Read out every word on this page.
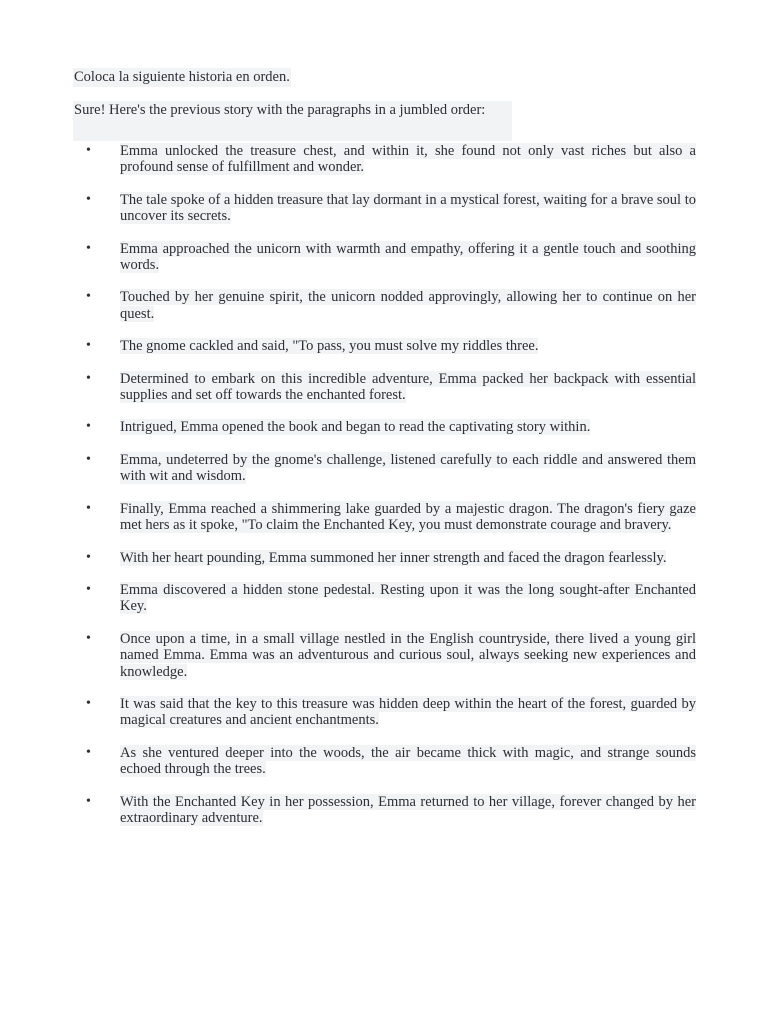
Coloca la siguiente historia en orden.
Sure! Here's the previous story with the paragraphs in a jumbled order:
• Emma unlocked the treasure chest, and within it, she found not only vast riches but also a profound sense of fulfillment and wonder.
• The tale spoke of a hidden treasure that lay dormant in a mystical forest, waiting for a brave soul to uncover its secrets.
• Emma approached the unicorn with warmth and empathy, offering it a gentle touch and soothing words.
• Touched by her genuine spirit, the unicorn nodded approvingly, allowing her to continue on her quest.
• The gnome cackled and said, "To pass, you must solve my riddles three.
• Determined to embark on this incredible adventure, Emma packed her backpack with essential supplies and set off towards the enchanted forest.
• Intrigued, Emma opened the book and began to read the captivating story within.
• Emma, undeterred by the gnome's challenge, listened carefully to each riddle and answered them with wit and wisdom.
• Finally, Emma reached a shimmering lake guarded by a majestic dragon. The dragon's fiery gaze met hers as it spoke, "To claim the Enchanted Key, you must demonstrate courage and bravery.
• With her heart pounding, Emma summoned her inner strength and faced the dragon fearlessly.
• Emma discovered a hidden stone pedestal. Resting upon it was the long sought-after Enchanted Key.
• Once upon a time, in a small village nestled in the English countryside, there lived a young girl named Emma. Emma was an adventurous and curious soul, always seeking new experiences and knowledge.
• It was said that the key to this treasure was hidden deep within the heart of the forest, guarded by magical creatures and ancient enchantments.
• As she ventured deeper into the woods, the air became thick with magic, and strange sounds echoed through the trees.
• With the Enchanted Key in her possession, Emma returned to her village, forever changed by her extraordinary adventure.
